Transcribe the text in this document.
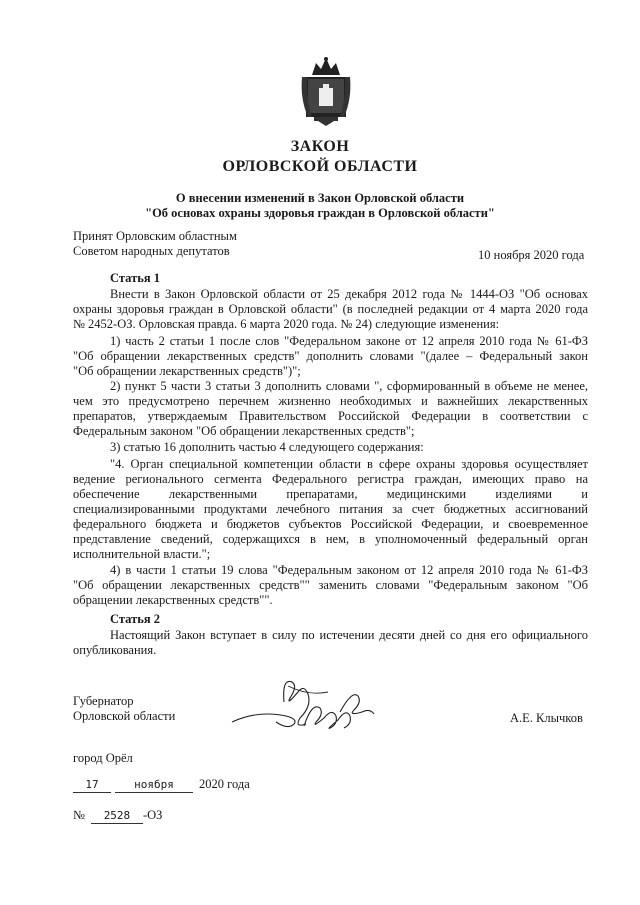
ЗАКОН
ОРЛОВСКОЙ ОБЛАСТИ
О внесении изменений в Закон Орловской области
"Об основах охраны здоровья граждан в Орловской области"
Принят Орловским областным
Советом народных депутатов	10 ноября 2020 года
Статья 1
Внести в Закон Орловской области от 25 декабря 2012 года № 1444-ОЗ "Об основах
охраны здоровья граждан в Орловской области" (в последней редакции от 4 марта 2020 года
№ 2452-ОЗ. Орловская правда. 6 марта 2020 года. № 24) следующие изменения:
1) часть 2 статьи 1 после слов "Федеральном законе от 12 апреля 2010 года № 61-ФЗ
"Об обращении лекарственных средств" дополнить словами "(далее – Федеральный закон
"Об обращении лекарственных средств")";
2) пункт 5 части 3 статьи 3 дополнить словами ", сформированный в объеме не менее,
чем это предусмотрено перечнем жизненно необходимых и важнейших лекарственных
препаратов, утверждаемым Правительством Российской Федерации в соответствии с
Федеральным законом "Об обращении лекарственных средств";
3) статью 16 дополнить частью 4 следующего содержания:
"4. Орган специальной компетенции области в сфере охраны здоровья осуществляет
ведение регионального сегмента Федерального регистра граждан, имеющих право на
обеспечение лекарственными препаратами, медицинскими изделиями и
специализированными продуктами лечебного питания за счет бюджетных ассигнований
федерального бюджета и бюджетов субъектов Российской Федерации, и своевременное
представление сведений, содержащихся в нем, в уполномоченный федеральный орган
исполнительной власти.";
4) в части 1 статьи 19 слова "Федеральным законом от 12 апреля 2010 года № 61-ФЗ
"Об обращении лекарственных средств"" заменить словами "Федеральным законом "Об
обращении лекарственных средств"".
Статья 2
Настоящий Закон вступает в силу по истечении десяти дней со дня его официального
опубликования.
Губернатор
Орловской области	А.Е. Клычков
город Орёл
17	ноября 2020 года
№ 2528 -ОЗ
